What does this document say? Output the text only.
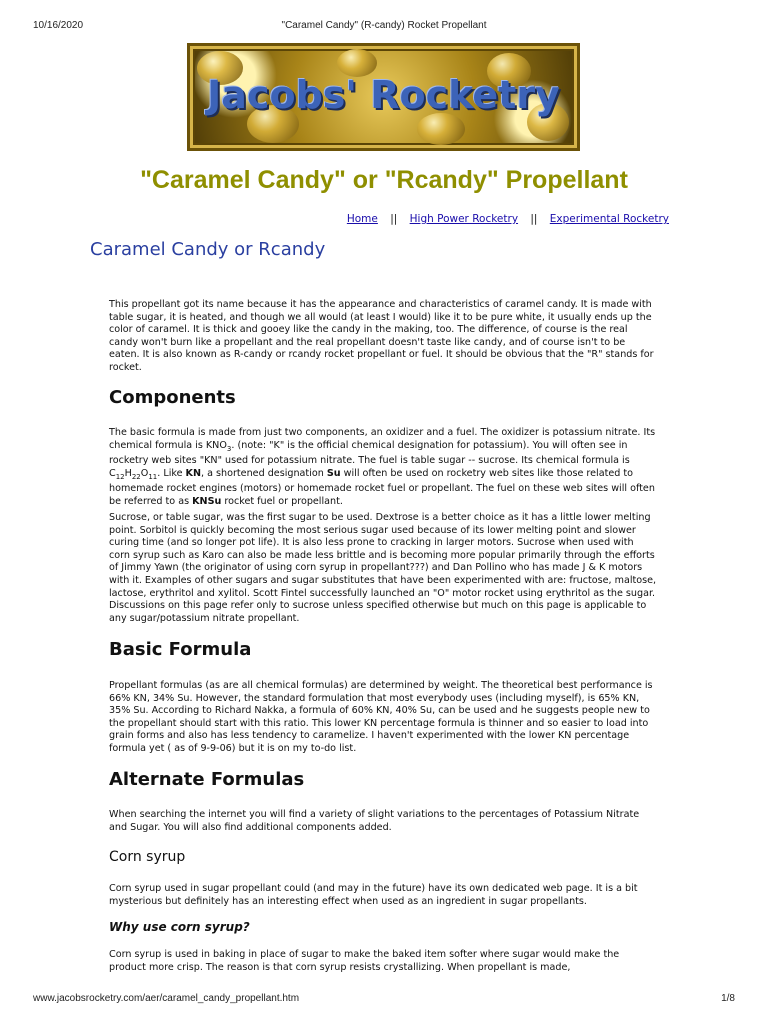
10/16/2020	"Caramel Candy" (R-candy) Rocket Propellant
Jacobs' Rocketry
"Caramel Candy" or "Rcandy" Propellant
Home || High Power Rocketry || Experimental Rocketry
Caramel Candy or Rcandy

This propellant got its name because it has the appearance and characteristics of caramel candy. It is made with table sugar, it is heated, and though we all would (at least I would) like it to be pure white, it usually ends up the color of caramel. It is thick and gooey like the candy in the making, too. The difference, of course is the real candy won't burn like a propellant and the real propellant doesn't taste like candy, and of course isn't to be eaten. It is also known as R-candy or rcandy rocket propellant or fuel. It should be obvious that the "R" stands for rocket.

Components

The basic formula is made from just two components, an oxidizer and a fuel. The oxidizer is potassium nitrate. Its chemical formula is $KNO_3$. (note: "K" is the official chemical designation for potassium). You will often see in rocketry web sites "KN" used for potassium nitrate. The fuel is table sugar -- sucrose. Its chemical formula is $C_{12}H_{22}O_{11}$. Like KN, a shortened designation Su will often be used on rocketry web sites like those related to homemade rocket engines (motors) or homemade rocket fuel or propellant. The fuel on these web sites will often be referred to as KNSu rocket fuel or propellant.

Sucrose, or table sugar, was the first sugar to be used. Dextrose is a better choice as it has a little lower melting point. Sorbitol is quickly becoming the most serious sugar used because of its lower melting point and slower curing time (and so longer pot life). It is also less prone to cracking in larger motors. Sucrose when used with corn syrup such as Karo can also be made less brittle and is becoming more popular primarily through the efforts of Jimmy Yawn (the originator of using corn syrup in propellant???) and Dan Pollino who has made J & K motors with it. Examples of other sugars and sugar substitutes that have been experimented with are: fructose, maltose, lactose, erythritol and xylitol. Scott Fintel successfully launched an "O" motor rocket using erythritol as the sugar. Discussions on this page refer only to sucrose unless specified otherwise but much on this page is applicable to any sugar/potassium nitrate propellant.

Basic Formula

Propellant formulas (as are all chemical formulas) are determined by weight. The theoretical best performance is 66% KN, 34% Su. However, the standard formulation that most everybody uses (including myself), is 65% KN, 35% Su. According to Richard Nakka, a formula of 60% KN, 40% Su, can be used and he suggests people new to the propellant should start with this ratio. This lower KN percentage formula is thinner and so easier to load into grain forms and also has less tendency to caramelize. I haven't experimented with the lower KN percentage formula yet ( as of 9-9-06) but it is on my to-do list.

Alternate Formulas

When searching the internet you will find a variety of slight variations to the percentages of Potassium Nitrate and Sugar. You will also find additional components added.

Corn syrup

Corn syrup used in sugar propellant could (and may in the future) have its own dedicated web page. It is a bit mysterious but definitely has an interesting effect when used as an ingredient in sugar propellants.

Why use corn syrup?

Corn syrup is used in baking in place of sugar to make the baked item softer where sugar would make the product more crisp. The reason is that corn syrup resists crystallizing. When propellant is made,

www.jacobsrocketry.com/aer/caramel_candy_propellant.htm	1/8
